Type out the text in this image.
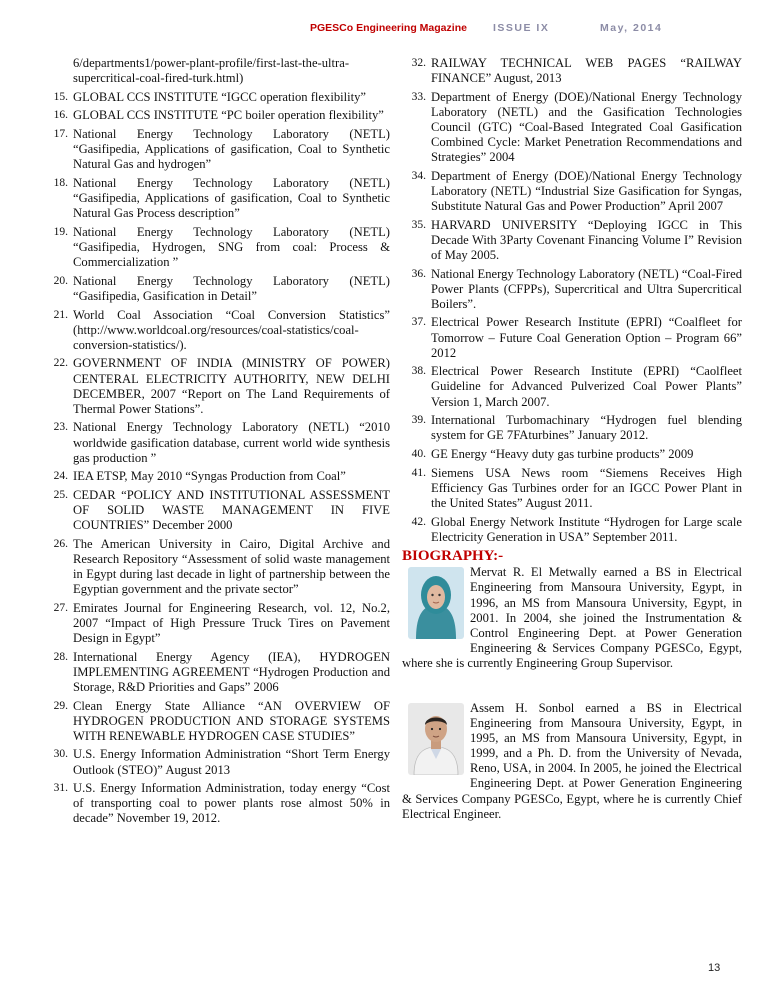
PGESCo Engineering Magazine ISSUE IX	May, 2014
6/departments1/power-plant-profile/first-last-the-ultra-supercritical-coal-fired-turk.html)
15. GLOBAL CCS INSTITUTE “IGCC operation flexibility”
16. GLOBAL CCS INSTITUTE “PC boiler operation flexibility”
17. National Energy Technology Laboratory (NETL) “Gasifipedia, Applications of gasification, Coal to Synthetic Natural Gas and hydrogen”
18. National Energy Technology Laboratory (NETL) “Gasifipedia, Applications of gasification, Coal to Synthetic Natural Gas Process description”
19. National Energy Technology Laboratory (NETL) “Gasifipedia, Hydrogen, SNG from coal: Process & Commercialization ”
20. National Energy Technology Laboratory (NETL) “Gasifipedia, Gasification in Detail”
21. World Coal Association “Coal Conversion Statistics” (http://www.worldcoal.org/resources/coal-statistics/coal-conversion-statistics/).
22. GOVERNMENT OF INDIA (MINISTRY OF POWER) CENTERAL ELECTRICITY AUTHORITY, NEW DELHI DECEMBER, 2007 “Report on The Land Requirements of Thermal Power Stations”.
23. National Energy Technology Laboratory (NETL) “2010 worldwide gasification database, current world wide synthesis gas production ”
24. IEA ETSP, May 2010 “Syngas Production from Coal”
25. CEDAR “POLICY AND INSTITUTIONAL ASSESSMENT OF SOLID WASTE MANAGEMENT IN FIVE COUNTRIES” December 2000
26. The American University in Cairo, Digital Archive and Research Repository “Assessment of solid waste management in Egypt during last decade in light of partnership between the Egyptian government and the private sector”
27. Emirates Journal for Engineering Research, vol. 12, No.2, 2007 “Impact of High Pressure Truck Tires on Pavement Design in Egypt”
28. International Energy Agency (IEA), HYDROGEN IMPLEMENTING AGREEMENT “Hydrogen Production and Storage, R&D Priorities and Gaps” 2006
29. Clean Energy State Alliance “AN OVERVIEW OF HYDROGEN PRODUCTION AND STORAGE SYSTEMS WITH RENEWABLE HYDROGEN CASE STUDIES”
30. U.S. Energy Information Administration “Short Term Energy Outlook (STEO)” August 2013
31. U.S. Energy Information Administration, today energy “Cost of transporting coal to power plants rose almost 50% in decade” November 19, 2012.
32. RAILWAY TECHNICAL WEB PAGES “RAILWAY FINANCE” August, 2013
33. Department of Energy (DOE)/National Energy Technology Laboratory (NETL) and the Gasification Technologies Council (GTC) “Coal-Based Integrated Coal Gasification Combined Cycle: Market Penetration Recommendations and Strategies” 2004
34. Department of Energy (DOE)/National Energy Technology Laboratory (NETL) “Industrial Size Gasification for Syngas, Substitute Natural Gas and Power Production” April 2007
35. HARVARD UNIVERSITY “Deploying IGCC in This Decade With 3Party Covenant Financing Volume I” Revision of May 2005.
36. National Energy Technology Laboratory (NETL) “Coal-Fired Power Plants (CFPPs), Supercritical and Ultra Supercritical Boilers”.
37. Electrical Power Research Institute (EPRI) “Coalfleet for Tomorrow – Future Coal Generation Option – Program 66” 2012
38. Electrical Power Research Institute (EPRI) “Caolfleet Guideline for Advanced Pulverized Coal Power Plants” Version 1, March 2007.
39. International Turbomachinary “Hydrogen fuel blending system for GE 7FAturbines” January 2012.
40. GE Energy “Heavy duty gas turbine products” 2009
41. Siemens USA News room “Siemens Receives High Efficiency Gas Turbines order for an IGCC Power Plant in the United States” August 2011.
42. Global Energy Network Institute “Hydrogen for Large scale Electricity Generation in USA” September 2011.
BIOGRAPHY:-
Mervat R. El Metwally earned a BS in Electrical Engineering from Mansoura University, Egypt, in 1996, an MS from Mansoura University, Egypt, in 2001. In 2004, she joined the Instrumentation & Control Engineering Dept. at Power Generation Engineering & Services Company PGESCo, Egypt, where she is currently Engineering Group Supervisor.
Assem H. Sonbol earned a BS in Electrical Engineering from Mansoura University, Egypt, in 1995, an MS from Mansoura University, Egypt, in 1999, and a Ph. D. from the University of Nevada, Reno, USA, in 2004. In 2005, he joined the Electrical Engineering Dept. at Power Generation Engineering & Services Company PGESCo, Egypt, where he is currently Chief Electrical Engineer.
13
